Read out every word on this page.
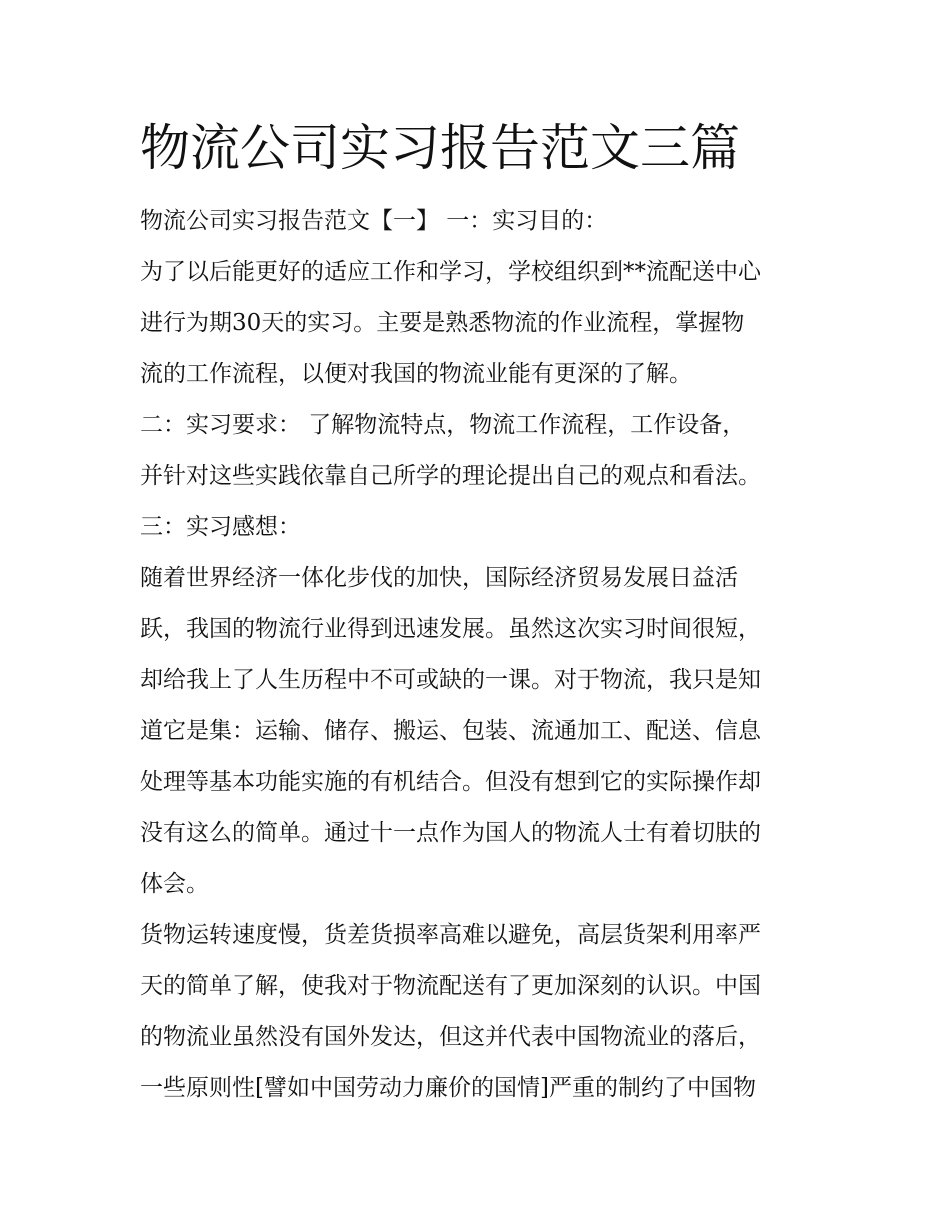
物流公司实习报告范文三篇
物流公司实习报告范文【一】 一：实习目的：
为了以后能更好的适应工作和学习，学校组织到**流配送中心
进行为期30天的实习。主要是熟悉物流的作业流程，掌握物
流的工作流程，以便对我国的物流业能有更深的了解。
二：实习要求： 了解物流特点，物流工作流程，工作设备，
并针对这些实践依靠自己所学的理论提出自己的观点和看法。
三：实习感想：
随着世界经济一体化步伐的加快，国际经济贸易发展日益活
跃，我国的物流行业得到迅速发展。虽然这次实习时间很短，
却给我上了人生历程中不可或缺的一课。对于物流，我只是知
道它是集：运输、储存、搬运、包装、流通加工、配送、信息
处理等基本功能实施的有机结合。但没有想到它的实际操作却
没有这么的简单。通过十一点作为国人的物流人士有着切肤的
体会。
货物运转速度慢，货差货损率高难以避免，高层货架利用率严
天的简单了解，使我对于物流配送有了更加深刻的认识。中国
的物流业虽然没有国外发达，但这并代表中国物流业的落后，
一些原则性[譬如中国劳动力廉价的国情]严重的制约了中国物
